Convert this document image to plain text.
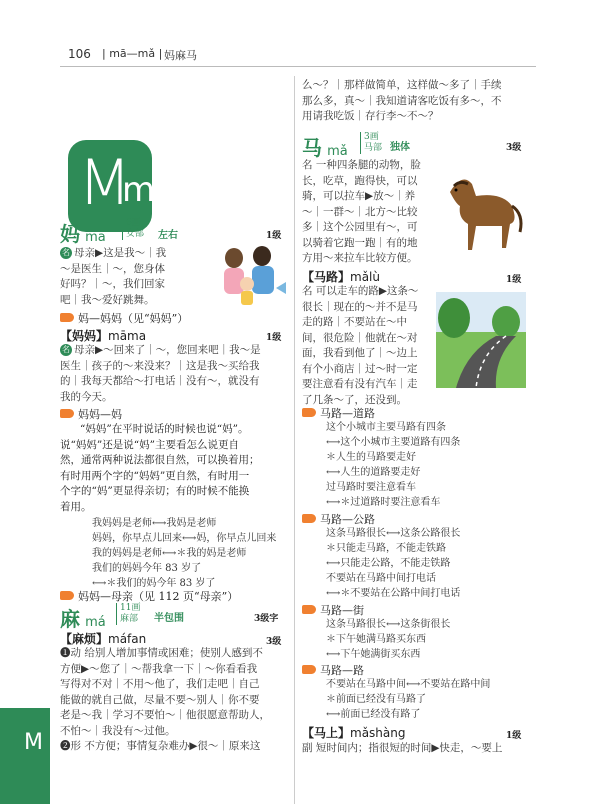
106 | mā—mǎ | 妈麻马
M
m
M
妈 mā
6画
女部 左右	1级
名 母亲▶这是我～｜我
～是医生｜～，您身体
好吗？｜～，我们回家
吧｜我～爱好跳舞。
妈—妈妈（见“妈妈”）
【妈妈】māma	1级
名 母亲▶～回来了｜～，您回来吧｜我～是
医生｜孩子的～来没来？｜这是我～买给我
的｜我每天都给～打电话｜没有～，就没有
我的今天。
妈妈—妈
“妈妈”在平时说话的时候也说“妈”。
说“妈妈”还是说“妈”主要看怎么说更自
然，通常两种说法都很自然，可以换着用；
有时用两个字的“妈妈”更自然，有时用一
个字的“妈”更显得亲切；有的时候不能换
着用。
我妈妈是老师⟷我妈是老师
妈妈，你早点儿回来⟷妈，你早点儿回来
我的妈妈是老师⟷＊我的妈是老师
我们的妈妈今年 83 岁了
⟷＊我们的妈今年 83 岁了
妈妈—母亲（见 112 页“母亲”）
麻 má
11画
麻部 半包围	3级字
【麻烦】máfan	3级
❶动 给别人增加事情或困难；使别人感到不
方便▶～您了｜～帮我拿一下｜～你看看我
写得对不对｜不用～他了，我们走吧｜自己
能做的就自己做，尽量不要～别人｜你不要
老是～我｜学习不要怕～｜他很愿意帮助人，
不怕～｜我没有～过他。
❷形 不方便；事情复杂难办▶很～｜原来这
么～？｜那样做简单，这样做～多了｜手续
那么多，真～｜我知道请客吃饭有多～，不
用请我吃饭｜存行李～不～？
马 mǎ
3画
马部 独体	3级
名 一种四条腿的动物，脸
长，吃草，跑得快，可以
骑，可以拉车▶放～｜养
～｜一群～｜北方～比较
多｜这个公园里有～，可
以骑着它跑一跑｜有的地
方用～来拉车比较方便。
【马路】mǎlù	1级
名 可以走车的路▶这条～
很长｜现在的～并不是马
走的路｜不要站在～中
间，很危险｜他就在～对
面，我看到他了｜～边上
有个小商店｜过～时一定
要注意看有没有汽车｜走
了几条～了，还没到。
马路—道路
这个小城市主要马路有四条
⟷这个小城市主要道路有四条
＊人生的马路要走好
⟷人生的道路要走好
过马路时要注意看车
⟷＊过道路时要注意看车
马路—公路
这条马路很长⟷这条公路很长
＊只能走马路，不能走铁路
⟷只能走公路，不能走铁路
不要站在马路中间打电话
⟷＊不要站在公路中间打电话
马路—街
这条马路很长⟷这条街很长
＊下午她满马路买东西
⟷下午她满街买东西
马路—路
不要站在马路中间⟷不要站在路中间
＊前面已经没有马路了
⟷前面已经没有路了
【马上】mǎshàng	1级
副 短时间内；指很短的时间▶快走，～要上
